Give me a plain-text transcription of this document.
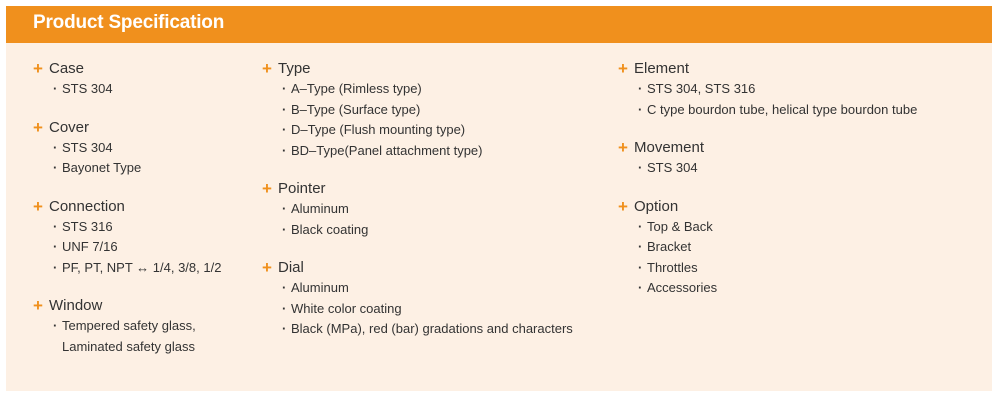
Product Specification
+ Case
· STS 304
+ Cover
· STS 304
· Bayonet Type
+ Connection
· STS 316
· UNF 7/16
· PF, PT, NPT ↔ 1/4, 3/8, 1/2
+ Window
· Tempered safety glass,
Laminated safety glass
+ Type
· A–Type (Rimless type)
· B–Type (Surface type)
· D–Type (Flush mounting type)
· BD–Type(Panel attachment type)
+ Pointer
· Aluminum
· Black coating
+ Dial
· Aluminum
· White color coating
· Black (MPa), red (bar) gradations and characters
+ Element
· STS 304, STS 316
· C type bourdon tube, helical type bourdon tube
+ Movement
· STS 304
+ Option
· Top & Back
· Bracket
· Throttles
· Accessories
